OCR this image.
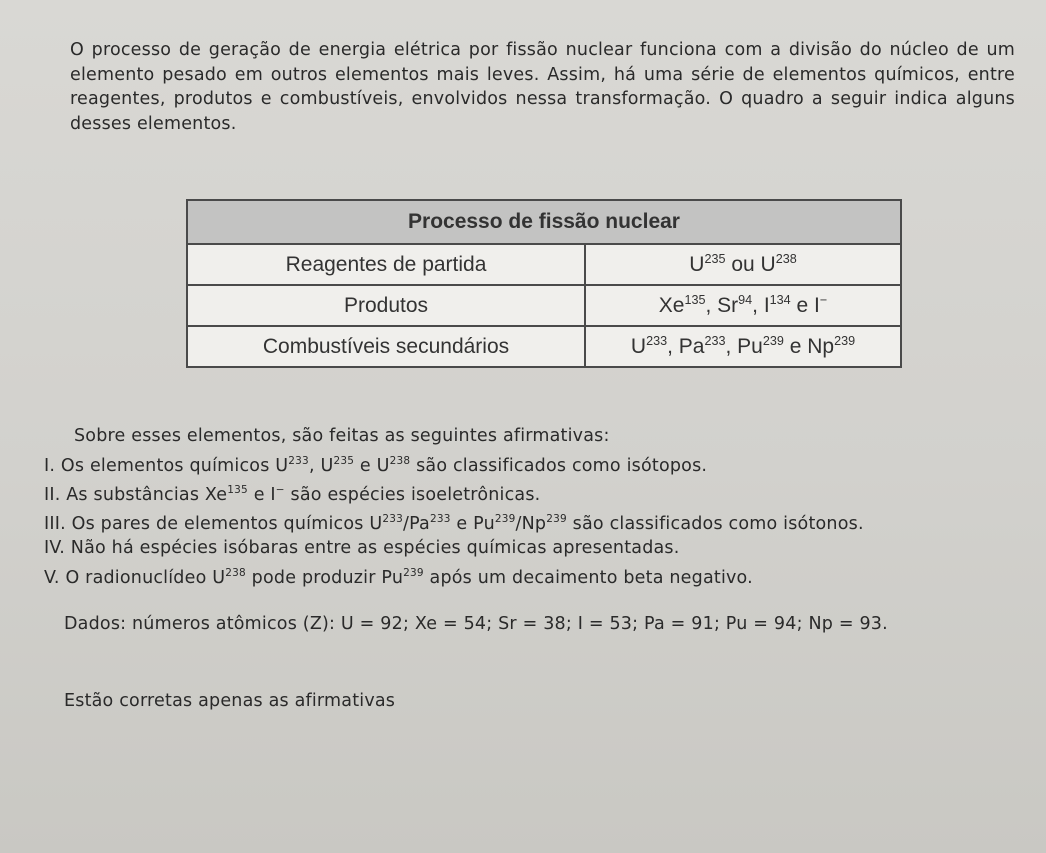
O processo de geração de energia elétrica por fissão nuclear funciona com a divisão do núcleo de um elemento pesado em outros elementos mais leves. Assim, há uma série de elementos químicos, entre reagentes, produtos e combustíveis, envolvidos nessa transformação. O quadro a seguir indica alguns desses elementos.
Processo de fissão nuclear	
Reagentes de partida	$U^{235}$ ou $U^{238}$
Produtos	Xe$^{135}$, Sr$^{94}$, $I^{134}$ e I−
Combustíveis secundários	$U^{233}$, Pa$^{233}$, Pu$^{239}$ e Np$^{239}$

Sobre esses elementos, são feitas as seguintes afirmativas:

I. Os elementos químicos $U^{233}$, $U^{235}$ e $U^{238}$ são classificados como isótopos.

II. As substâncias Xe$^{135}$ e I− são espécies isoeletrônicas.

III. Os pares de elementos químicos $U^{233}/Pa^{233}$ e Pu$^{239}$/Np$^{239}$ são classificados como isótonos.

IV. Não há espécies isóbaras entre as espécies químicas apresentadas.

V. O radionuclídeo $U^{238}$ pode produzir Pu$^{239}$ após um decaimento beta negativo.

Dados: números atômicos (Z): U = 92; Xe = 54; Sr = 38; I = 53; Pa = 91; Pu = 94; Np = 93.

Estão corretas apenas as afirmativas
